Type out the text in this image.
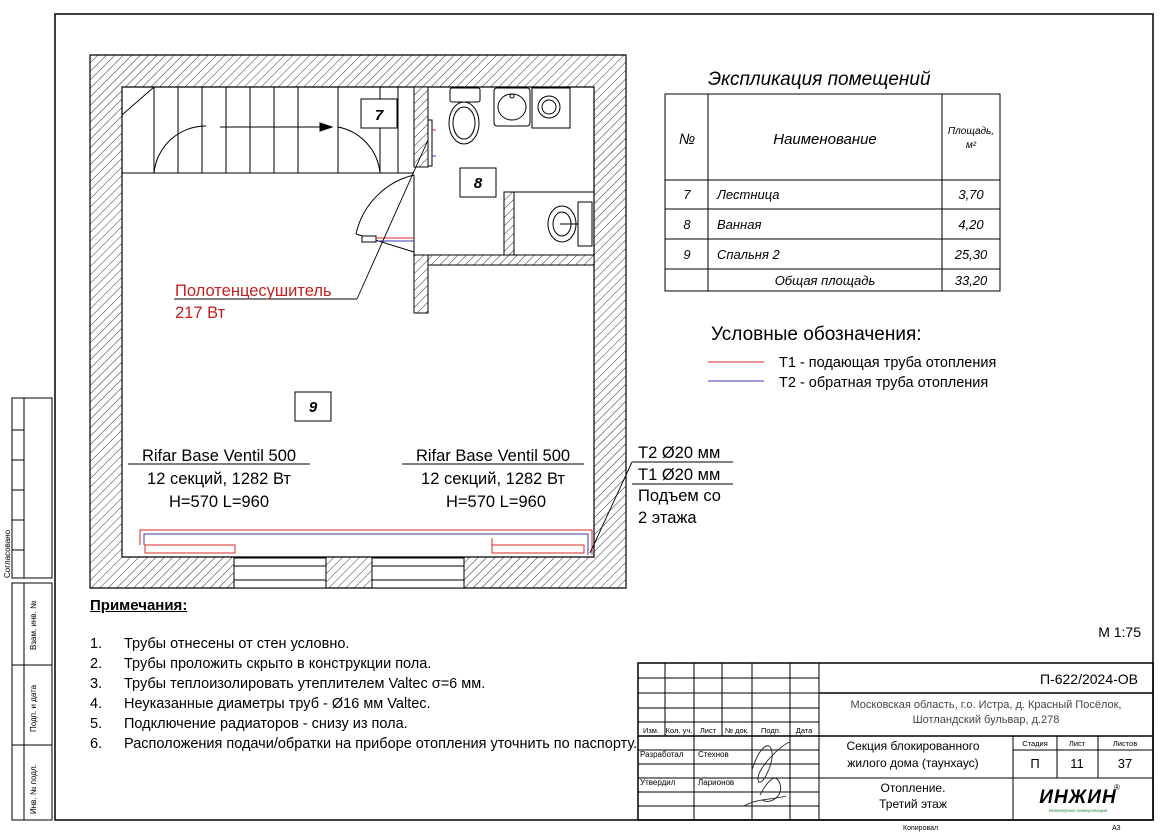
Согласовано
Взам. инв. №
Подп. и дата
Инв. № подл.
7
8
9
Полотенцесушитель
217 Вт
Rifar Base Ventil 500
12 секций, 1282 Вт
H=570 L=960
Rifar Base Ventil 500
12 секций, 1282 Вт
H=570 L=960
Т2 Ø20 мм
Т1 Ø20 мм
Подъем со
2 этажа
Экспликация помещений
№	Наименование	Площадь,
м²
7 Лестница	3,70
8 Ванная	4,20
9 Спальня 2	25,30
Общая площадь	33,20
Условные обозначения:
Т1 - подающая труба отопления
Т2 - обратная труба отопления
М 1:75
Изм. Кол. уч. Лист № док. Подп. Дата
Разработал Стехнов
Утвердил	Ларионов
П-622/2024-ОВ
Московская область, г.о. Истра, д. Красный Посёлок,
Шотландский бульвар, д.278
Секция блокированного
жилого дома (таунхаус)
Отопление.
Третий этаж
Стадия	Лист	Листов
П 11	37
ИНЖИН
®
Инженерные коммуникации
Копировал	А3
Примечания:
1.	Трубы отнесены от стен условно.
2.	Трубы проложить скрыто в конструкции пола.
3.	Трубы теплоизолировать утеплителем Valtec σ=6 мм.
4.	Неуказанные диаметры труб - Ø16 мм Valtec.
5.	Подключение радиаторов - снизу из пола.
6. Расположения подачи/обратки на приборе отопления уточнить по паспорту.
